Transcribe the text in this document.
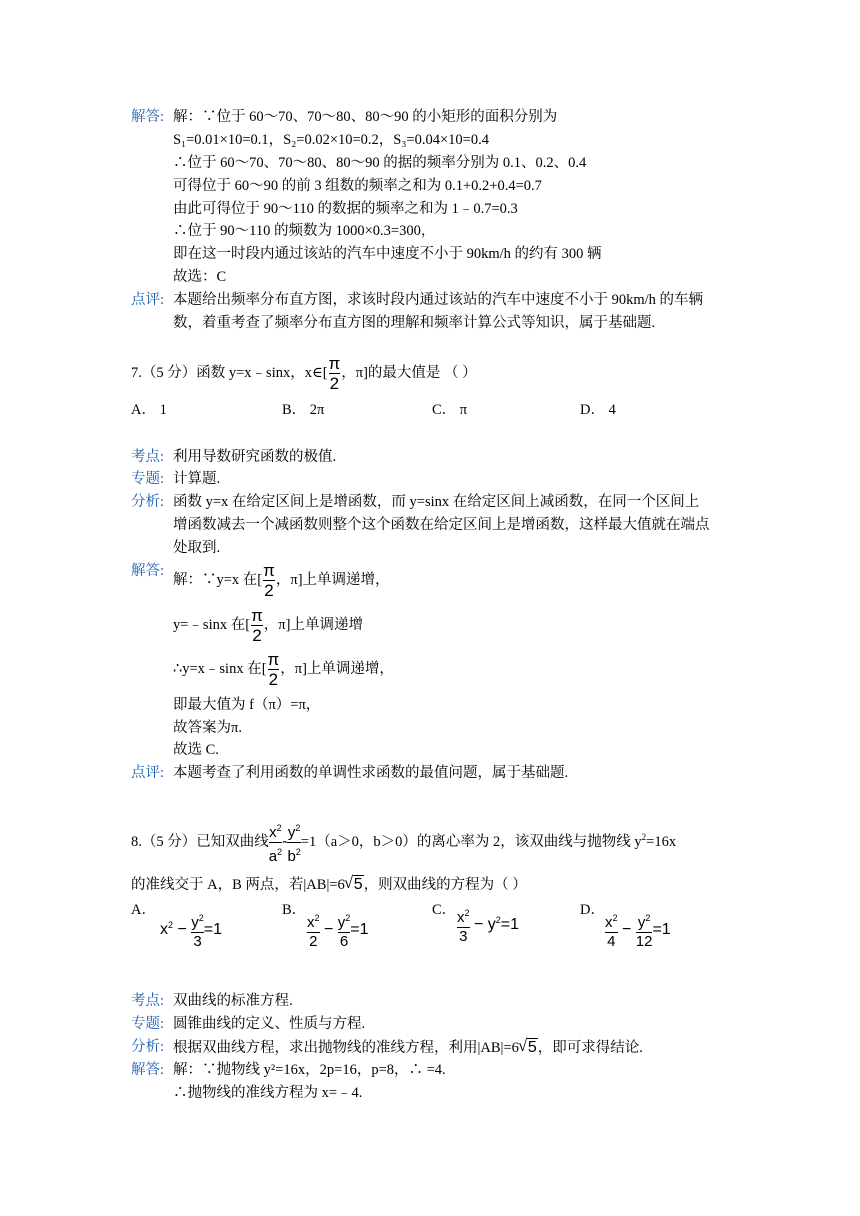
解答: 解：∵位于 60～70、70～80、80～90 的小矩形的面积分别为
S₁=0.01×10=0.1，S₂=0.02×10=0.2，S₃=0.04×10=0.4
∴位于 60～70、70～80、80～90 的据的频率分别为 0.1、0.2、0.4
可得位于 60～90 的前 3 组数的频率之和为 0.1+0.2+0.4=0.7
由此可得位于 90～110 的数据的频率之和为 1﹣0.7=0.3
∴位于 90～110 的频数为 1000×0.3=300，
即在这一时段内通过该站的汽车中速度不小于 90km/h 的约有 300 辆
故选：C
点评: 本题给出频率分布直方图，求该时段内通过该站的汽车中速度不小于 90km/h 的车辆
数，着重考查了频率分布直方图的理解和频率计算公式等知识，属于基础题.
7.（5 分）函数 y=x﹣sinx，x∈[ $\frac{\pi}{2}$ ，π]的最大值是 （ ）
A． 1	B． 2π	C． π	D． 4
考点: 利用导数研究函数的极值.
专题: 计算题.
分析: 函数 y=x 在给定区间上是增函数，而 y=sinx 在给定区间上减函数，在同一个区间上
增函数减去一个减函数则整个这个函数在给定区间上是增函数，这样最大值就在端点
处取到.
解答:
解：∵y=x 在[ $\frac{\pi}{2}$ ，π]上单调递增，
y=﹣sinx 在[ $\frac{\pi}{2}$ ，π]上单调递增
∴y=x﹣sinx 在[ $\frac{\pi}{2}$ ，π]上单调递增，
即最大值为 f（π）=π，
故答案为π.
故选 C.
点评: 本题考查了利用函数的单调性求函数的最值问题，属于基础题.
8.（5 分）已知双曲线 $\frac{x^2}{a^2} - \frac{y^2}{b^2} =1(a>0$，b＞0）的离心率为 2，该双曲线与抛物线 $y^2=16x$
的准线交于 A，B 两点，若|AB|=6 √ 5，则双曲线的方程为（ ）
A．
$x^2 - \frac{y^2}{3} =1$
B． $\frac{x^2}{2} - \frac{y^2}{6} =1$
C． $\frac{x^2}{3} - y^2=1$
D． $\frac{x^2}{4} - \frac{y^2}{12} =1$
考点: 双曲线的标准方程.
专题: 圆锥曲线的定义、性质与方程.
分析: 根据双曲线方程，求出抛物线的准线方程，利用|AB|=6 √ 5，即可求得结论.
解答: 解：∵抛物线 y²=16x，2p=16，p=8，∴ =4.
∴抛物线的准线方程为 x=﹣4.
